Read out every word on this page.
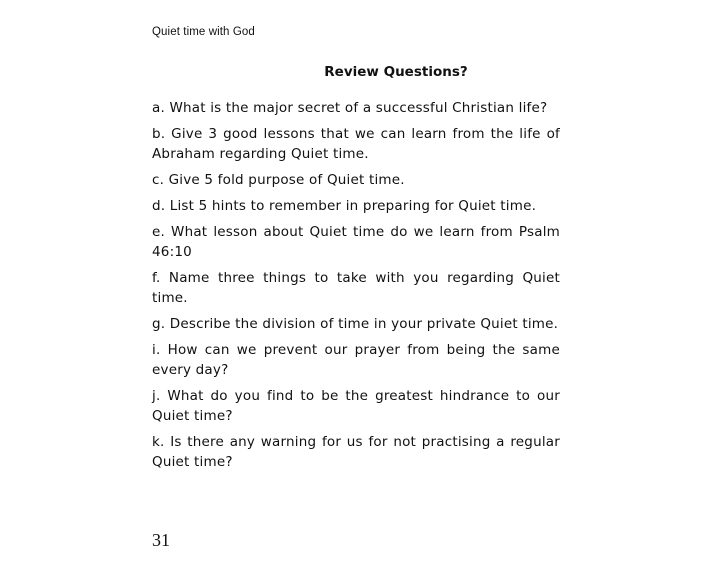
Quiet time with God
Review Questions?

a. What is the major secret of a successful Christian life?

b. Give 3 good lessons that we can learn from the life of Abraham regarding Quiet time.

c. Give 5 fold purpose of Quiet time.

d. List 5 hints to remember in preparing for Quiet time.

e. What lesson about Quiet time do we learn from Psalm 46:10

f. Name three things to take with you regarding Quiet time.

g. Describe the division of time in your private Quiet time.

i. How can we prevent our prayer from being the same every day?

j. What do you find to be the greatest hindrance to our Quiet time?

k. Is there any warning for us for not practising a regular Quiet time?

31
